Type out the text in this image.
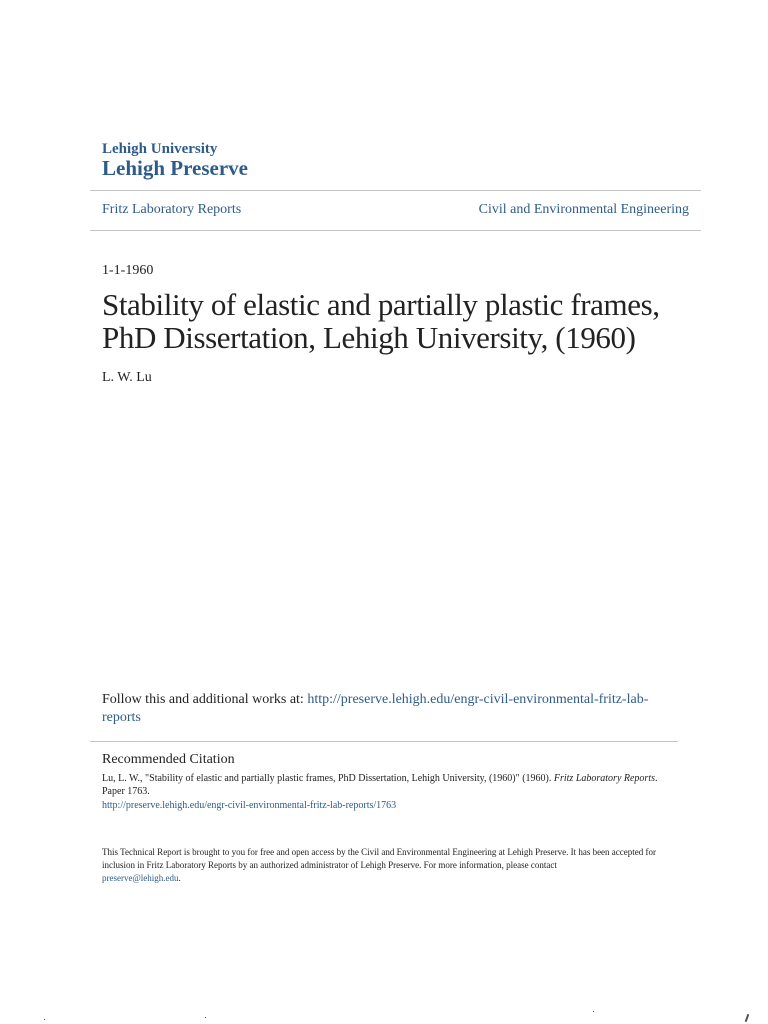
Lehigh University
Lehigh Preserve
Fritz Laboratory Reports	Civil and Environmental Engineering
1-1-1960
Stability of elastic and partially plastic frames, PhD Dissertation, Lehigh University, (1960)
L. W. Lu
Follow this and additional works at: http://preserve.lehigh.edu/engr-civil-environmental-fritz-lab-reports
Recommended Citation
Lu, L. W., "Stability of elastic and partially plastic frames, PhD Dissertation, Lehigh University, (1960)" (1960). Fritz Laboratory Reports. Paper 1763.
http://preserve.lehigh.edu/engr-civil-environmental-fritz-lab-reports/1763
This Technical Report is brought to you for free and open access by the Civil and Environmental Engineering at Lehigh Preserve. It has been accepted for inclusion in Fritz Laboratory Reports by an authorized administrator of Lehigh Preserve. For more information, please contact
preserve@lehigh.edu.
